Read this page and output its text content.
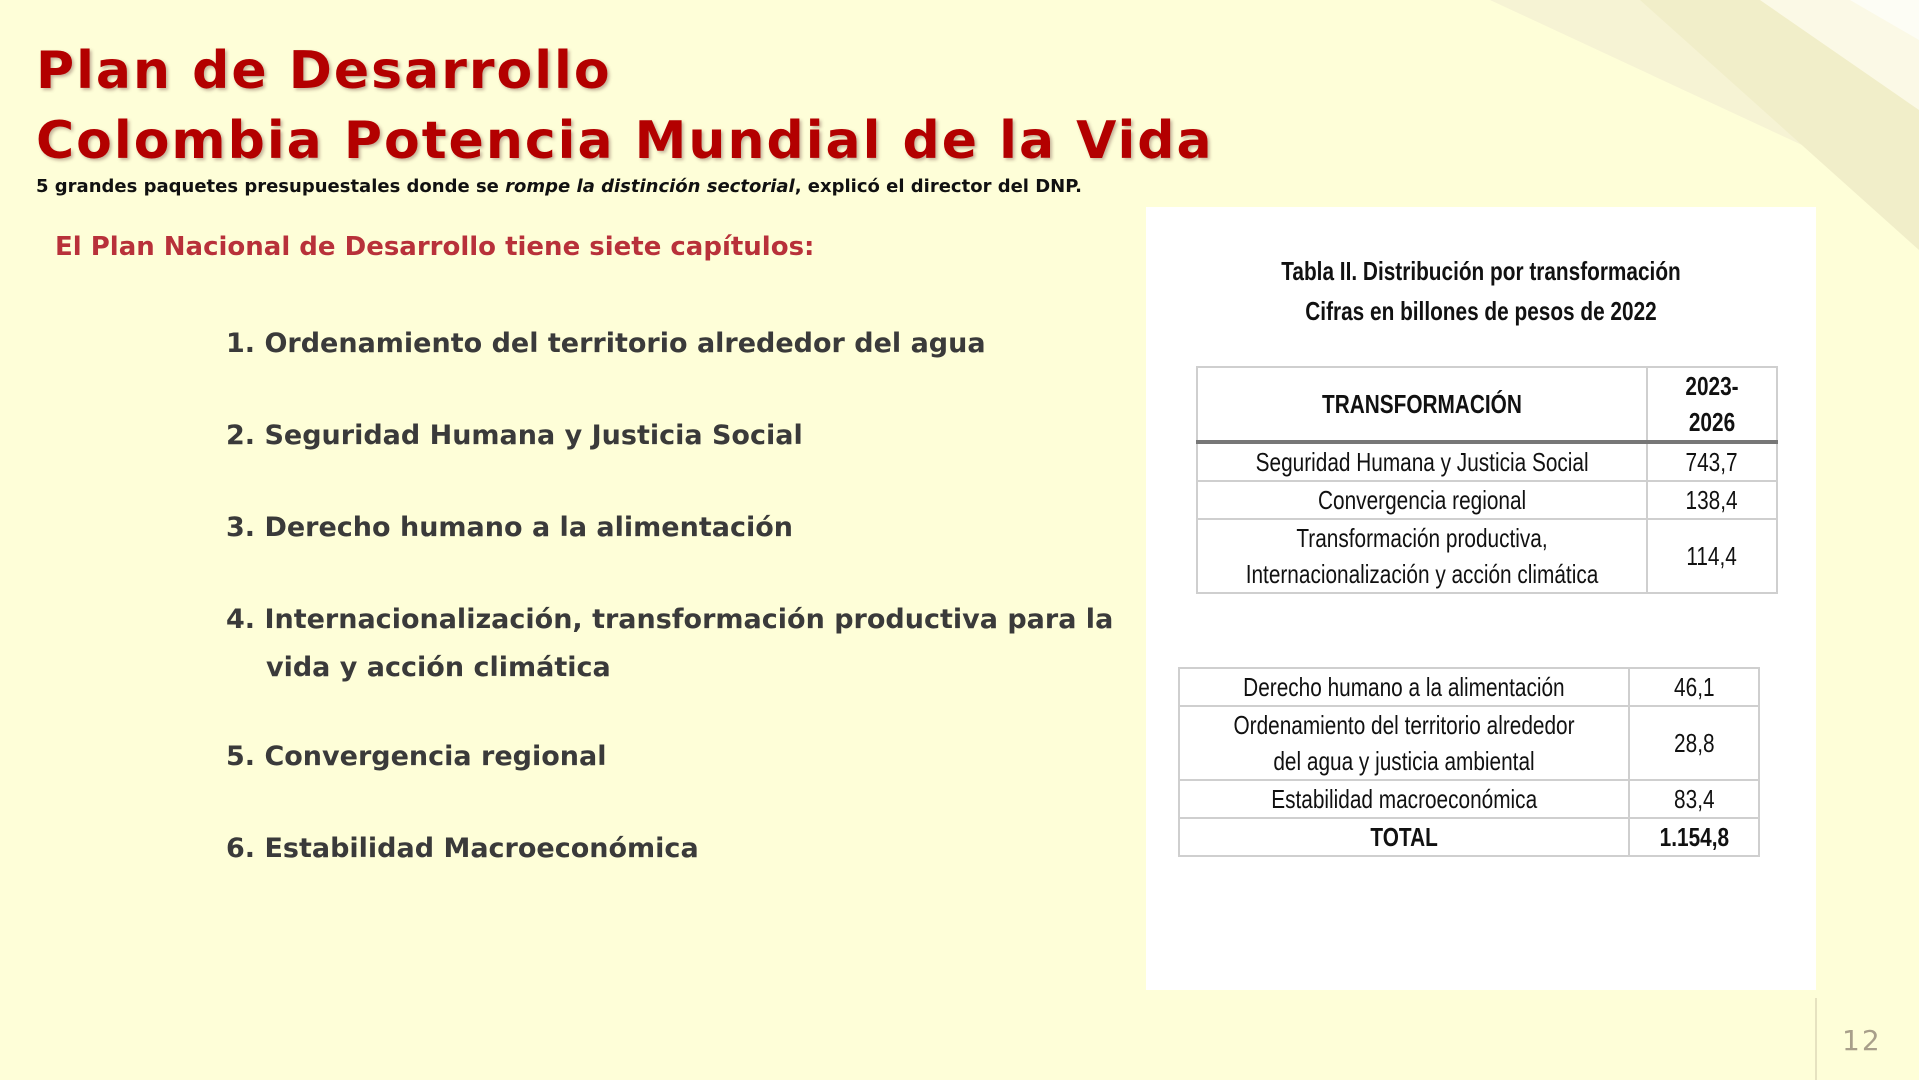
Plan de Desarrollo
Colombia Potencia Mundial de la Vida
5 grandes paquetes presupuestales donde se rompe la distinción sectorial, explicó el director del DNP.
El Plan Nacional de Desarrollo tiene siete capítulos:
1. Ordenamiento del territorio alrededor del agua
2. Seguridad Humana y Justicia Social
3. Derecho humano a la alimentación
4. Internacionalización, transformación productiva para la
vida y acción climática
5. Convergencia regional
6. Estabilidad Macroeconómica
Tabla II. Distribución por transformación
Cifras en billones de pesos de 2022
TRANSFORMACIÓN	2023-2026
Seguridad Humana y Justicia Social	743,7
Convergencia regional	138,4
Transformación productiva, Internacionalización y acción climática	114,4
Derecho humano a la alimentación	46,1
Ordenamiento del territorio alrededor del agua y justicia ambiental	28,8
Estabilidad macroeconómica	83,4
TOTAL	1.154,8
12
